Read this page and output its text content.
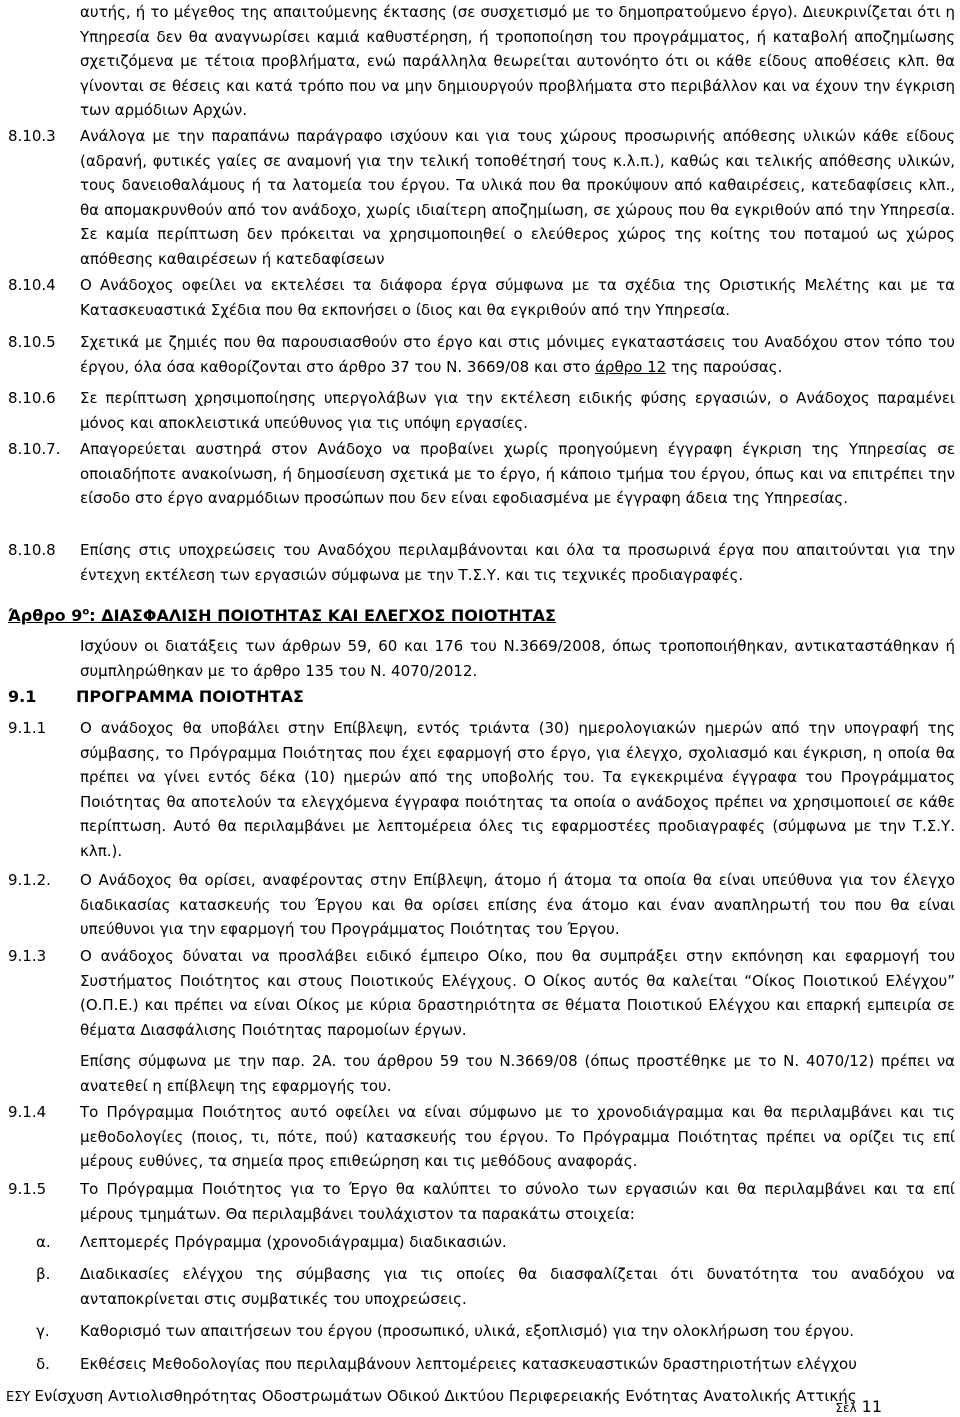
αυτής, ή το μέγεθος της απαιτούμενης έκτασης (σε συσχετισμό με το δημοπρατούμενο έργο). Διευκρινίζεται ότι η Υπηρεσία δεν θα αναγνωρίσει καμιά καθυστέρηση, ή τροποποίηση του προγράμματος, ή καταβολή αποζημίωσης σχετιζόμενα με τέτοια προβλήματα, ενώ παράλληλα θεωρείται αυτονόητο ότι οι κάθε είδους αποθέσεις κλπ. θα γίνονται σε θέσεις και κατά τρόπο που να μην δημιουργούν προβλήματα στο περιβάλλον και να έχουν την έγκριση των αρμόδιων Αρχών.

8.10.3 Ανάλογα με την παραπάνω παράγραφο ισχύουν και για τους χώρους προσωρινής απόθεσης υλικών κάθε είδους (αδρανή, φυτικές γαίες σε αναμονή για την τελική τοποθέτησή τους κ.λ.π.), καθώς και τελικής απόθεσης υλικών, τους δανειοθαλάμους ή τα λατομεία του έργου. Τα υλικά που θα προκύψουν από καθαιρέσεις, κατεδαφίσεις κλπ., θα απομακρυνθούν από τον ανάδοχο, χωρίς ιδιαίτερη αποζημίωση, σε χώρους που θα εγκριθούν από την Υπηρεσία. Σε καμία περίπτωση δεν πρόκειται να χρησιμοποιηθεί ο ελεύθερος χώρος της κοίτης του ποταμού ως χώρος απόθεσης καθαιρέσεων ή κατεδαφίσεων

8.10.4 Ο Ανάδοχος οφείλει να εκτελέσει τα διάφορα έργα σύμφωνα με τα σχέδια της Οριστικής Μελέτης και με τα Κατασκευαστικά Σχέδια που θα εκπονήσει ο ίδιος και θα εγκριθούν από την Υπηρεσία.

8.10.5 Σχετικά με ζημιές που θα παρουσιασθούν στο έργο και στις μόνιμες εγκαταστάσεις του Αναδόχου στον τόπο του έργου, όλα όσα καθορίζονται στο άρθρο 37 του Ν. 3669/08 και στο άρθρο 12 της παρούσας.

8.10.6 Σε περίπτωση χρησιμοποίησης υπεργολάβων για την εκτέλεση ειδικής φύσης εργασιών, ο Ανάδοχος παραμένει μόνος και αποκλειστικά υπεύθυνος για τις υπόψη εργασίες.

8.10.7. Απαγορεύεται αυστηρά στον Ανάδοχο να προβαίνει χωρίς προηγούμενη έγγραφη έγκριση της Υπηρεσίας σε οποιαδήποτε ανακοίνωση, ή δημοσίευση σχετικά με το έργο, ή κάποιο τμήμα του έργου, όπως και να επιτρέπει την είσοδο στο έργο αναρμόδιων προσώπων που δεν είναι εφοδιασμένα με έγγραφη άδεια της Υπηρεσίας.

8.10.8 Επίσης στις υποχρεώσεις του Αναδόχου περιλαμβάνονται και όλα τα προσωρινά έργα που απαιτούνται για την έντεχνη εκτέλεση των εργασιών σύμφωνα με την Τ.Σ.Υ. και τις τεχνικές προδιαγραφές.

Άρθρο $9^o$: ΔΙΑΣΦΑΛΙΣΗ ΠΟΙΟΤΗΤΑΣ ΚΑΙ ΕΛΕΓΧΟΣ ΠΟΙΟΤΗΤΑΣ

Ισχύουν οι διατάξεις των άρθρων 59, 60 και 176 του Ν.3669/2008, όπως τροποποιήθηκαν, αντικαταστάθηκαν ή συμπληρώθηκαν με το άρθρο 135 του Ν. 4070/2012.

9.1 ΠΡΟΓΡΑΜΜΑ ΠΟΙΟΤΗΤΑΣ
9.1.1 Ο ανάδοχος θα υποβάλει στην Επίβλεψη, εντός τριάντα (30) ημερολογιακών ημερών από την υπογραφή της σύμβασης, το Πρόγραμμα Ποιότητας που έχει εφαρμογή στο έργο, για έλεγχο, σχολιασμό και έγκριση, η οποία θα πρέπει να γίνει εντός δέκα (10) ημερών από της υποβολής του. Τα εγκεκριμένα έγγραφα του Προγράμματος Ποιότητας θα αποτελούν τα ελεγχόμενα έγγραφα ποιότητας τα οποία ο ανάδοχος πρέπει να χρησιμοποιεί σε κάθε περίπτωση. Αυτό θα περιλαμβάνει με λεπτομέρεια όλες τις εφαρμοστέες προδιαγραφές (σύμφωνα με την Τ.Σ.Υ. κλπ.).

9.1.2. Ο Ανάδοχος θα ορίσει, αναφέροντας στην Επίβλεψη, άτομο ή άτομα τα οποία θα είναι υπεύθυνα για τον έλεγχο διαδικασίας κατασκευής του Έργου και θα ορίσει επίσης ένα άτομο και έναν αναπληρωτή του που θα είναι υπεύθυνοι για την εφαρμογή του Προγράμματος Ποιότητας του Έργου.

9.1.3 Ο ανάδοχος δύναται να προσλάβει ειδικό έμπειρο Οίκο, που θα συμπράξει στην εκπόνηση και εφαρμογή του Συστήματος Ποιότητος και στους Ποιοτικούς Ελέγχους. Ο Οίκος αυτός θα καλείται “Οίκος Ποιοτικού Ελέγχου” (Ο.Π.Ε.) και πρέπει να είναι Οίκος με κύρια δραστηριότητα σε θέματα Ποιοτικού Ελέγχου και επαρκή εμπειρία σε θέματα Διασφάλισης Ποιότητας παρομοίων έργων.

Επίσης σύμφωνα με την παρ. 2Α. του άρθρου 59 του Ν.3669/08 (όπως προστέθηκε με το Ν. 4070/12) πρέπει να ανατεθεί η επίβλεψη της εφαρμογής του.

9.1.4 Το Πρόγραμμα Ποιότητος αυτό οφείλει να είναι σύμφωνο με το χρονοδιάγραμμα και θα περιλαμβάνει και τις μεθοδολογίες (ποιος, τι, πότε, πού) κατασκευής του έργου. Το Πρόγραμμα Ποιότητας πρέπει να ορίζει τις επί μέρους ευθύνες, τα σημεία προς επιθεώρηση και τις μεθόδους αναφοράς.

9.1.5 Το Πρόγραμμα Ποιότητος για το Έργο θα καλύπτει το σύνολο των εργασιών και θα περιλαμβάνει και τα επί μέρους τμημάτων. Θα περιλαμβάνει τουλάχιστον τα παρακάτω στοιχεία:

α. Λεπτομερές Πρόγραμμα (χρονοδιάγραμμα) διαδικασιών.

β. Διαδικασίες ελέγχου της σύμβασης για τις οποίες θα διασφαλίζεται ότι δυνατότητα του αναδόχου να ανταποκρίνεται στις συμβατικές του υποχρεώσεις.

γ. Καθορισμό των απαιτήσεων του έργου (προσωπικό, υλικά, εξοπλισμό) για την ολοκλήρωση του έργου.

δ. Εκθέσεις Μεθοδολογίας που περιλαμβάνουν λεπτομέρειες κατασκευαστικών δραστηριοτήτων ελέγχου

ΕΣΥ Ενίσχυση Αντιολισθηρότητας Οδοστρωμάτων Οδικού Δικτύου Περιφερειακής Ενότητας Ανατολικής Αττικής

Σελ 11
